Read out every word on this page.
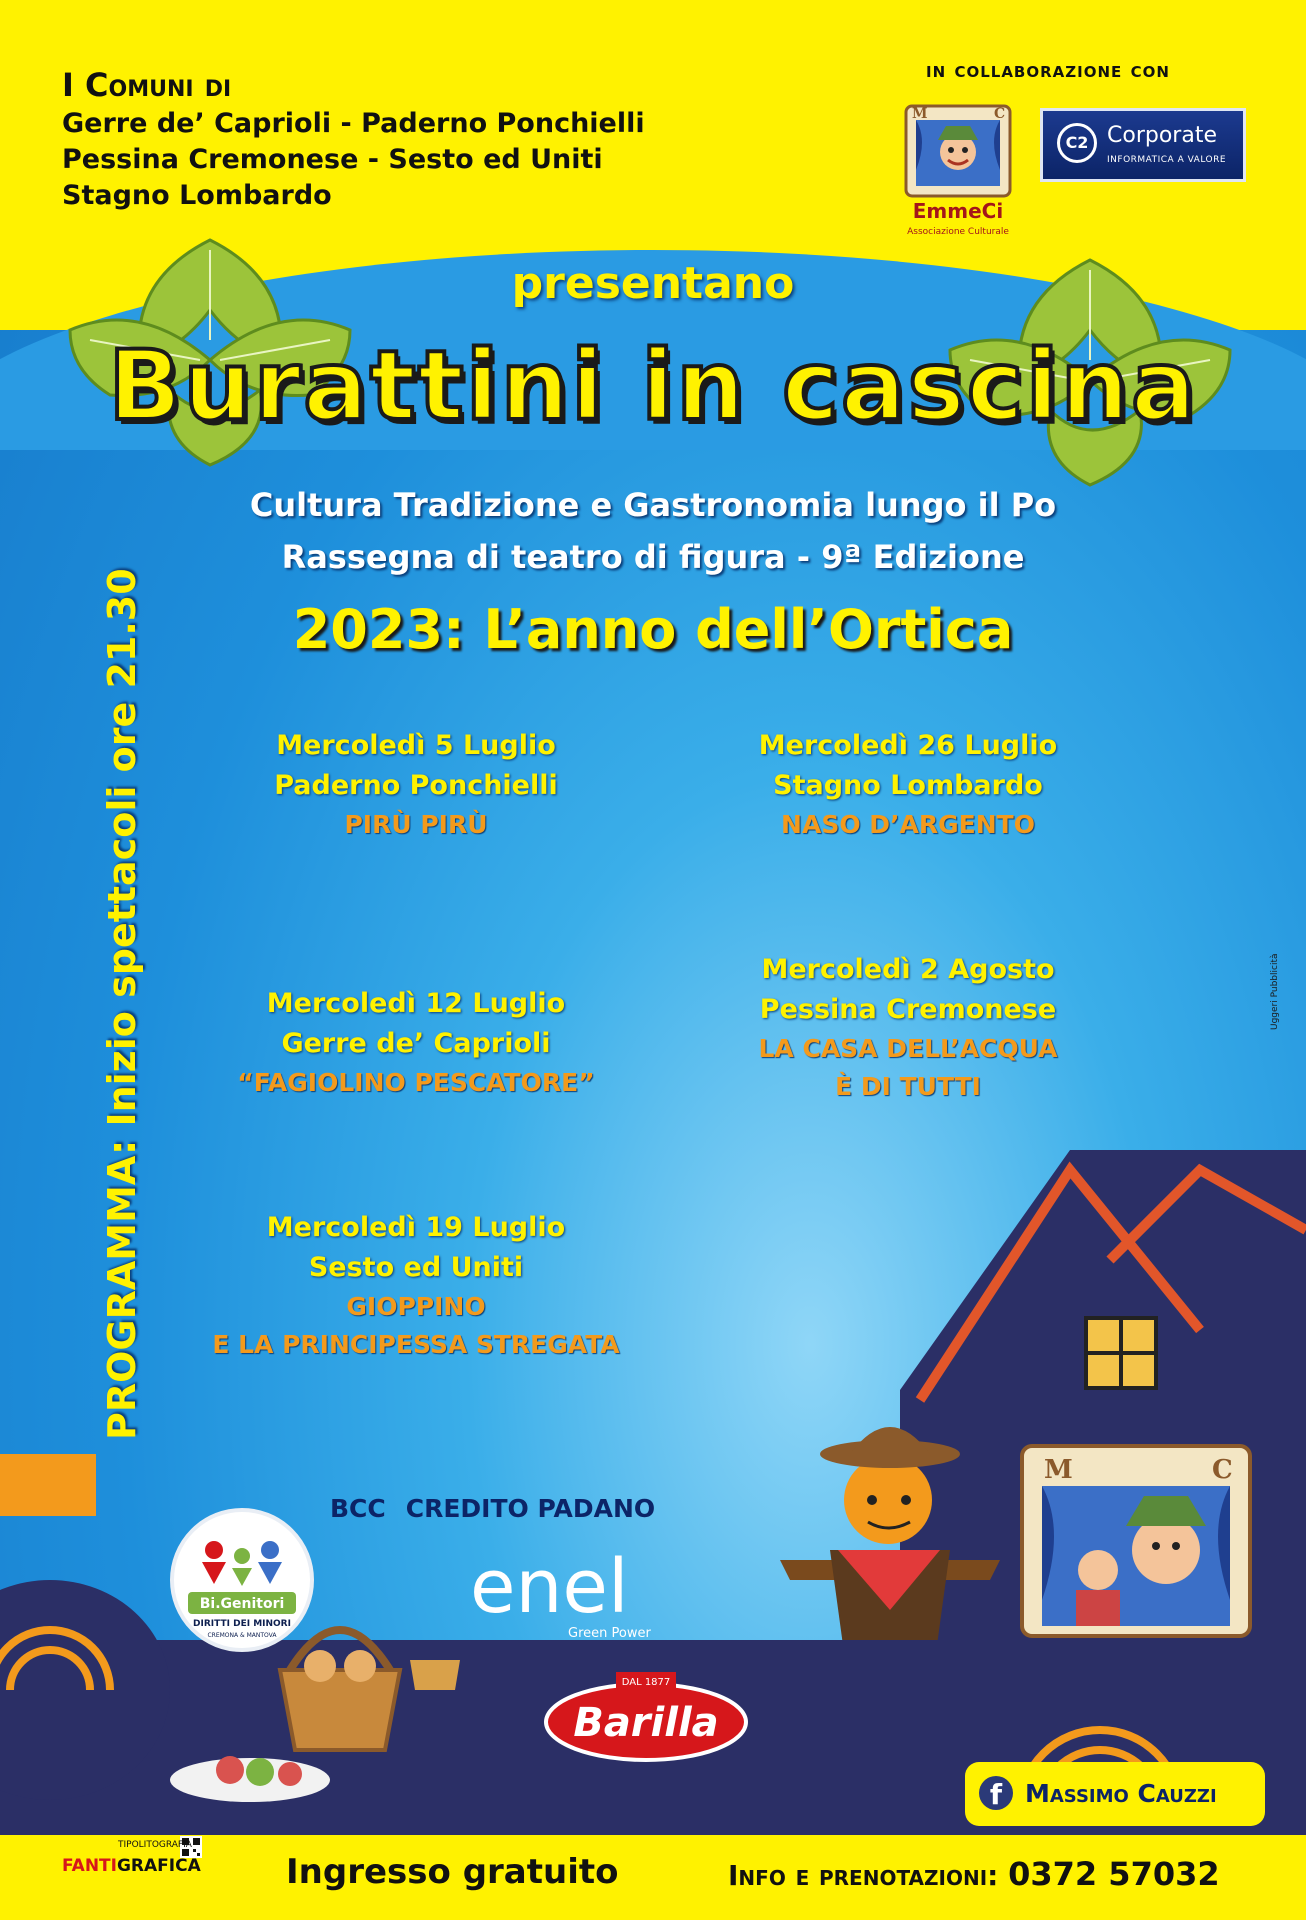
I Comuni di
Gerre de’ Caprioli - Paderno Ponchielli
Pessina Cremonese - Sesto ed Uniti
Stagno Lombardo
in collaborazione con
M	C
EmmeCi
Associazione Culturale
C2 Corporate
INFORMATICA A VALORE
presentano
Burattini in cascina
Cultura Tradizione e Gastronomia lungo il Po
Rassegna di teatro di figura - 9ª Edizione
2023: L’anno dell’Ortica
PROGRAMMA: Inizio spettacoli ore 21.30	Mercoledì 5 Luglio
Paderno Ponchielli
PIRÙ PIRÙ
Mercoledì 12 Luglio
Gerre de’ Caprioli
“FAGIOLINO PESCATORE”
Mercoledì 19 Luglio
Sesto ed Uniti
GIOPPINO
E LA PRINCIPESSA STREGATA
Mercoledì 26 Luglio
Stagno Lombardo
NASO D’ARGENTO
Mercoledì 2 Agosto
Pessina Cremonese
LA CASA DELL’ACQUA
È DI TUTTI
M	C
BCC CREDITO PADANO
enel
Green Power
DAL 1877
Barilla
Bi.Genitori
DIRITTI DEI MINORI
CREMONA & MANTOVA
f Massimo Cauzzi
TIPOLITOGRAFIA
FANTIGRAFICA	Ingresso gratuito	Info e prenotazioni: 0372 57032
Uggeri Pubblicità
